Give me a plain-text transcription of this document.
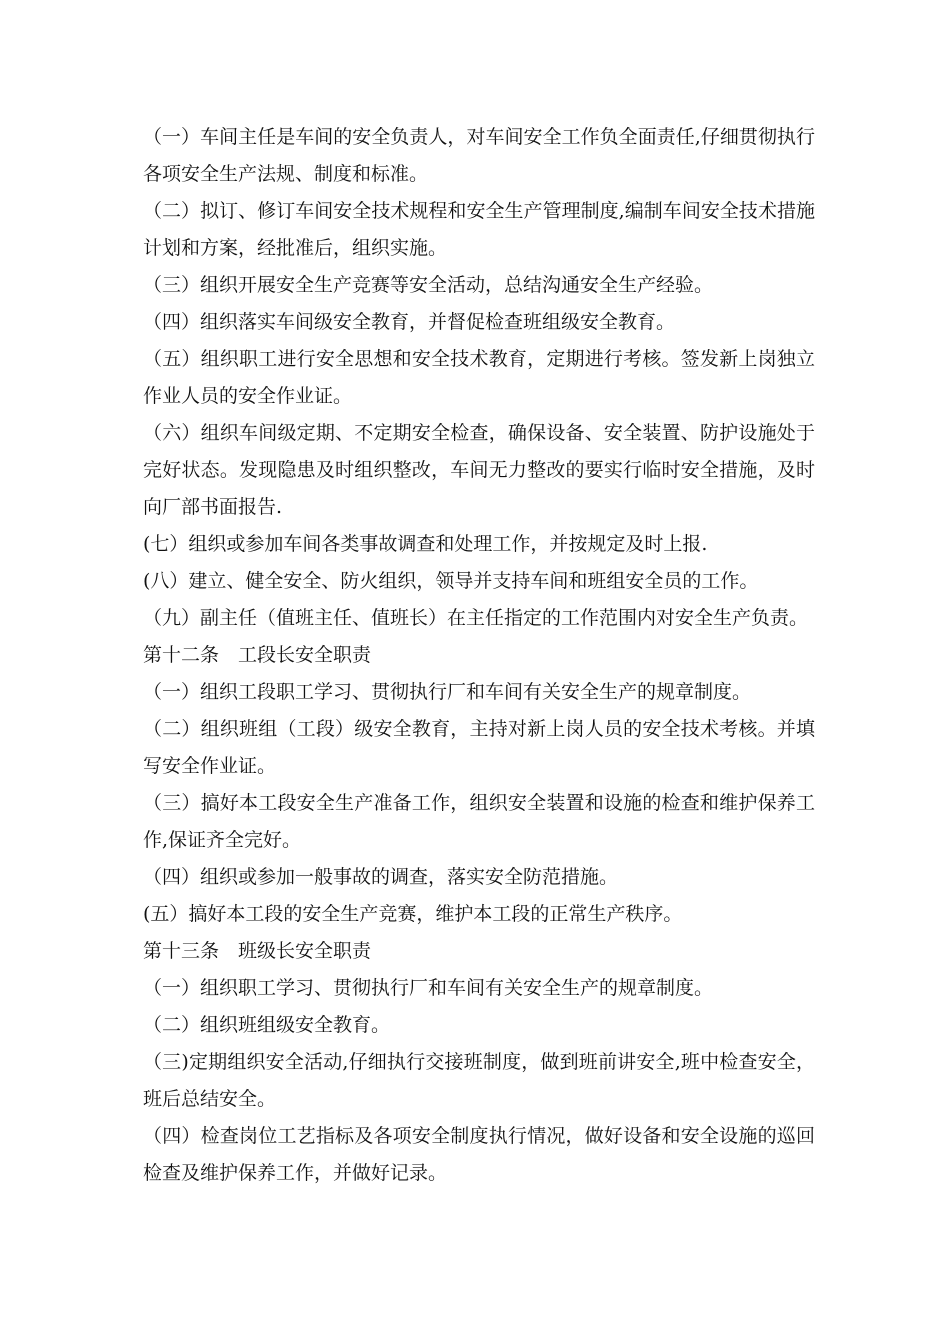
（一）车间主任是车间的安全负责人，对车间安全工作负全面责任,仔细贯彻执行各项安全生产法规、制度和标准。

（二）拟订、修订车间安全技术规程和安全生产管理制度,编制车间安全技术措施计划和方案，经批准后，组织实施。

（三）组织开展安全生产竞赛等安全活动，总结沟通安全生产经验。

（四）组织落实车间级安全教育，并督促检查班组级安全教育。

（五）组织职工进行安全思想和安全技术教育，定期进行考核。签发新上岗独立作业人员的安全作业证。

（六）组织车间级定期、不定期安全检查，确保设备、安全装置、防护设施处于完好状态。发现隐患及时组织整改，车间无力整改的要实行临时安全措施，及时向厂部书面报告.

(七）组织或参加车间各类事故调查和处理工作，并按规定及时上报.

(八）建立、健全安全、防火组织，领导并支持车间和班组安全员的工作。

（九）副主任（值班主任、值班长）在主任指定的工作范围内对安全生产负责。

第十二条　工段长安全职责

（一）组织工段职工学习、贯彻执行厂和车间有关安全生产的规章制度。

（二）组织班组（工段）级安全教育，主持对新上岗人员的安全技术考核。并填写安全作业证。

（三）搞好本工段安全生产准备工作，组织安全装置和设施的检查和维护保养工作,保证齐全完好。

（四）组织或参加一般事故的调查，落实安全防范措施。

(五）搞好本工段的安全生产竞赛，维护本工段的正常生产秩序。

第十三条　班级长安全职责

（一）组织职工学习、贯彻执行厂和车间有关安全生产的规章制度。

（二）组织班组级安全教育。

（三)定期组织安全活动,仔细执行交接班制度，做到班前讲安全,班中检查安全，班后总结安全。

（四）检查岗位工艺指标及各项安全制度执行情况，做好设备和安全设施的巡回检查及维护保养工作，并做好记录。
